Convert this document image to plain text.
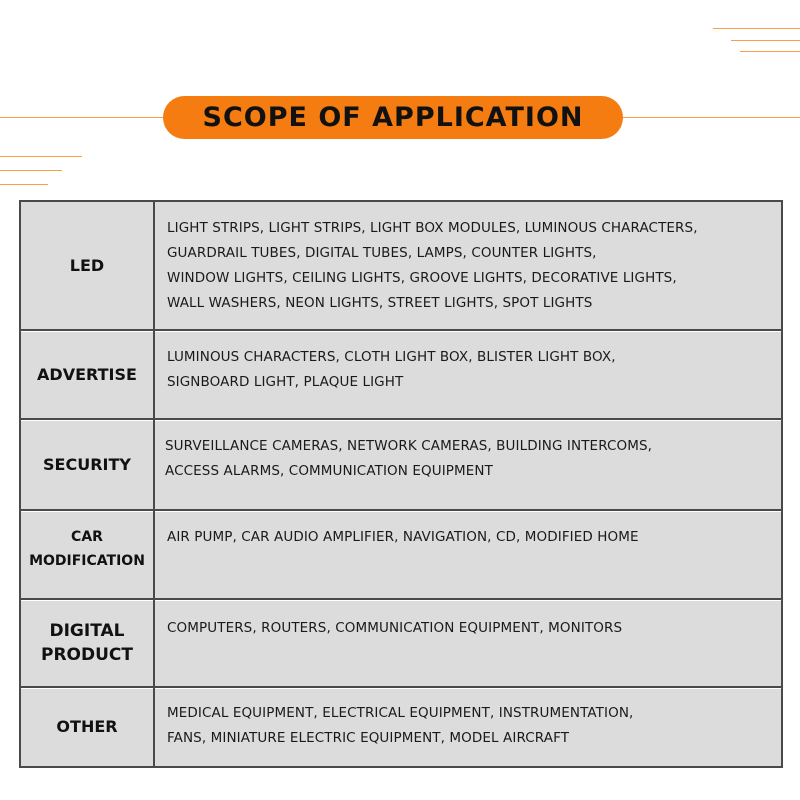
SCOPE OF APPLICATION
LED
LIGHT STRIPS, LIGHT STRIPS, LIGHT BOX MODULES, LUMINOUS CHARACTERS,
GUARDRAIL TUBES, DIGITAL TUBES, LAMPS, COUNTER LIGHTS,
WINDOW LIGHTS, CEILING LIGHTS, GROOVE LIGHTS, DECORATIVE LIGHTS,
WALL WASHERS, NEON LIGHTS, STREET LIGHTS, SPOT LIGHTS
ADVERTISE
LUMINOUS CHARACTERS, CLOTH LIGHT BOX, BLISTER LIGHT BOX,
SIGNBOARD LIGHT, PLAQUE LIGHT
SECURITY
SURVEILLANCE CAMERAS, NETWORK CAMERAS, BUILDING INTERCOMS,
ACCESS ALARMS, COMMUNICATION EQUIPMENT
CAR
MODIFICATION
AIR PUMP, CAR AUDIO AMPLIFIER, NAVIGATION, CD, MODIFIED HOME
DIGITAL
PRODUCT
COMPUTERS, ROUTERS, COMMUNICATION EQUIPMENT, MONITORS
OTHER
MEDICAL EQUIPMENT, ELECTRICAL EQUIPMENT, INSTRUMENTATION,
FANS, MINIATURE ELECTRIC EQUIPMENT, MODEL AIRCRAFT
